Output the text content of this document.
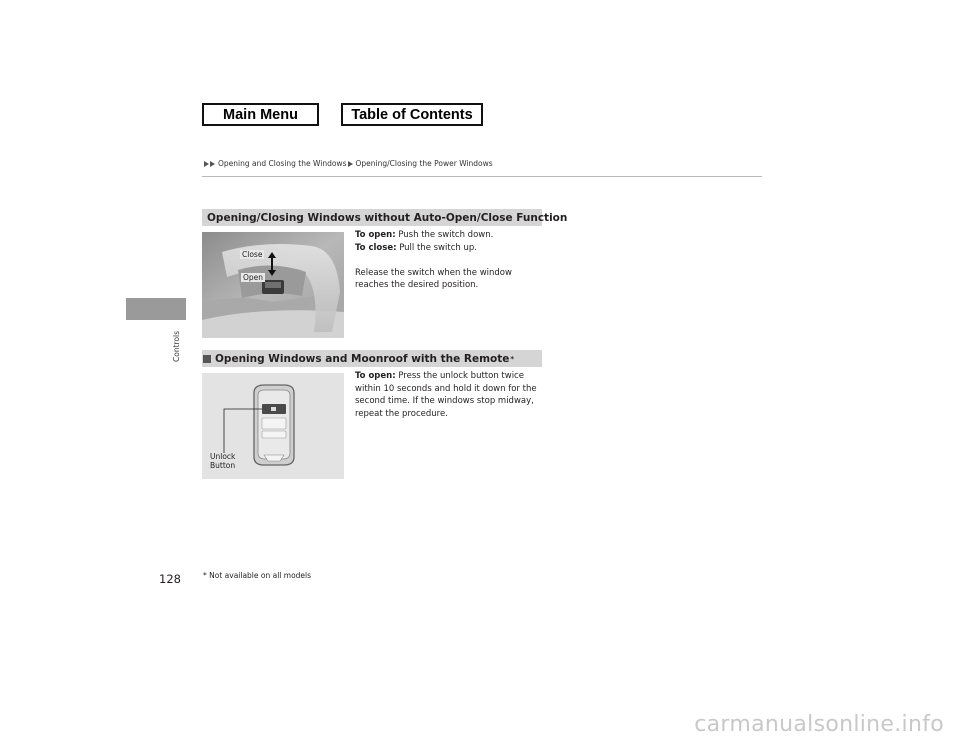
Main Menu	Table of Contents
Opening and Closing the Windows Opening/Closing the Power Windows
Controls
Opening/Closing Windows without Auto-Open/Close Function
Close
Open
To open: Push the switch down.
To close: Pull the switch up.
Release the switch when the window reaches the desired position.
Opening Windows and Moonroof with the Remote *
Unlock
Button
To open: Press the unlock button twice within 10 seconds and hold it down for the second time. If the windows stop midway, repeat the procedure.
128	* Not available on all models
carmanualsonline.info
